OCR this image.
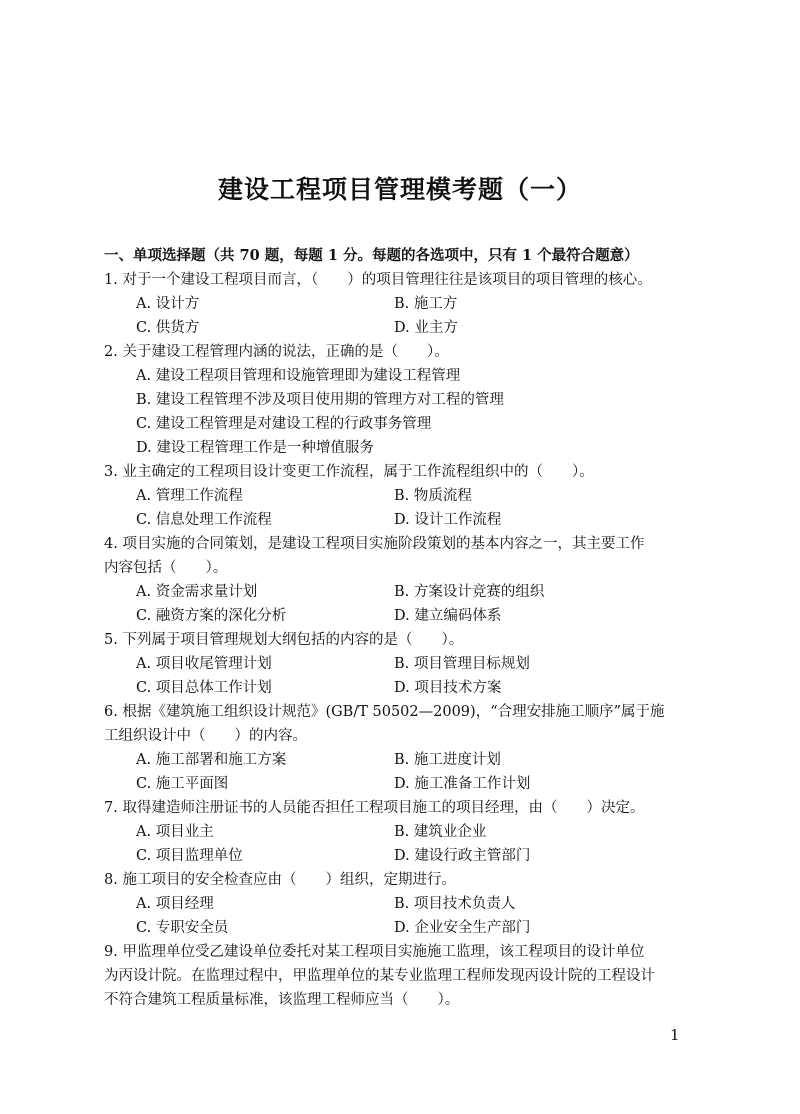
建设工程项目管理模考题（一）
一、单项选择题（共 70 题，每题 1 分。每题的各选项中，只有 1 个最符合题意）
1. 对于一个建设工程项目而言，（　　）的项目管理往往是该项目的项目管理的核心。
A. 设计方	B. 施工方
C. 供货方	D. 业主方
2. 关于建设工程管理内涵的说法，正确的是（　　）。
A. 建设工程项目管理和设施管理即为建设工程管理
B. 建设工程管理不涉及项目使用期的管理方对工程的管理
C. 建设工程管理是对建设工程的行政事务管理
D. 建设工程管理工作是一种增值服务
3. 业主确定的工程项目设计变更工作流程，属于工作流程组织中的（　　）。
A. 管理工作流程	B. 物质流程
C. 信息处理工作流程	D. 设计工作流程
4. 项目实施的合同策划，是建设工程项目实施阶段策划的基本内容之一，其主要工作
内容包括（　　）。
A. 资金需求量计划	B. 方案设计竞赛的组织
C. 融资方案的深化分析	D. 建立编码体系
5. 下列属于项目管理规划大纲包括的内容的是（　　）。
A. 项目收尾管理计划	B. 项目管理目标规划
C. 项目总体工作计划	D. 项目技术方案
6. 根据《建筑施工组织设计规范》(GB/T 50502—2009)，“合理安排施工顺序”属于施
工组织设计中（　　）的内容。
A. 施工部署和施工方案	B. 施工进度计划
C. 施工平面图	D. 施工准备工作计划
7. 取得建造师注册证书的人员能否担任工程项目施工的项目经理，由（　　）决定。
A. 项目业主	B. 建筑业企业
C. 项目监理单位	D. 建设行政主管部门
8. 施工项目的安全检查应由（　　）组织，定期进行。
A. 项目经理	B. 项目技术负责人
C. 专职安全员	D. 企业安全生产部门
9. 甲监理单位受乙建设单位委托对某工程项目实施施工监理，该工程项目的设计单位
为丙设计院。在监理过程中，甲监理单位的某专业监理工程师发现丙设计院的工程设计
不符合建筑工程质量标准，该监理工程师应当（　　）。
1
